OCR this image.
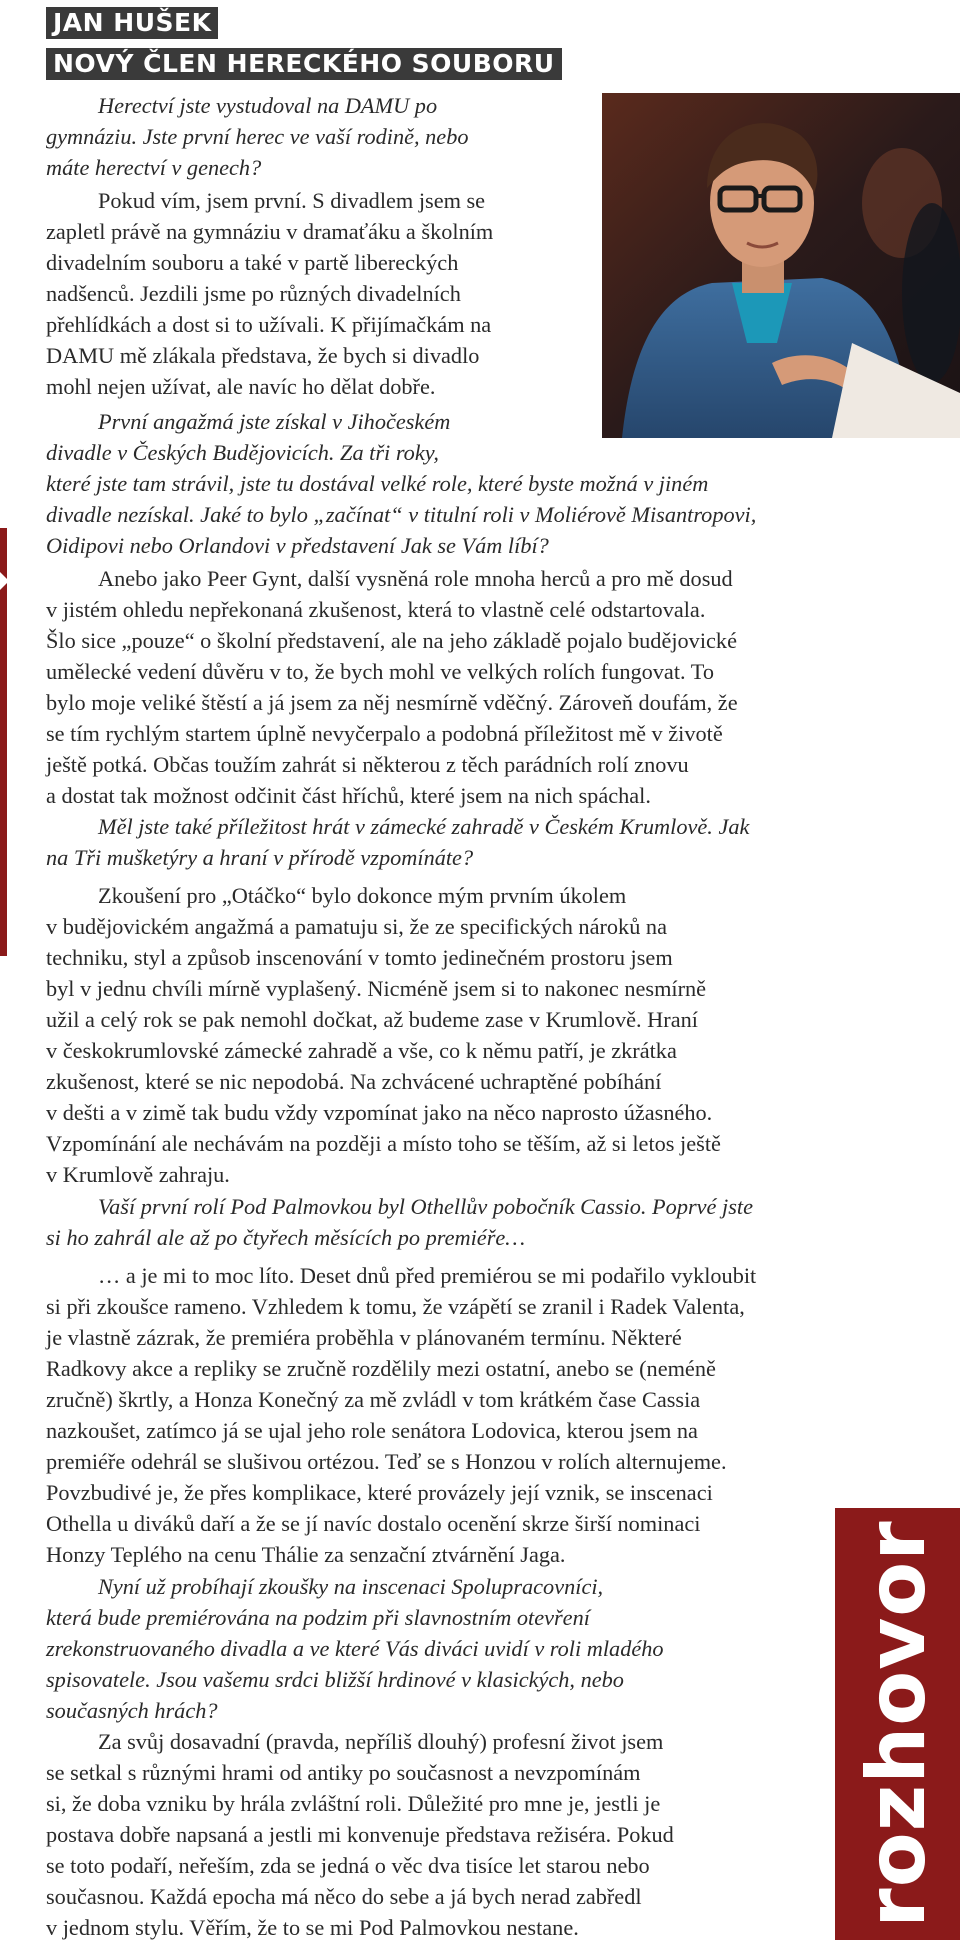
JAN HUŠEK
NOVÝ ČLEN HERECKÉHO SOUBORU
rozhovor
Herectví jste vystudoval na DAMU po
gymnáziu. Jste první herec ve vaší rodině, nebo
máte herectví v genech?
Pokud vím, jsem první. S divadlem jsem se
zapletl právě na gymnáziu v dramaťáku a školním
divadelním souboru a také v partě libereckých
nadšenců. Jezdili jsme po různých divadelních
přehlídkách a dost si to užívali. K přijímačkám na
DAMU mě zlákala představa, že bych si divadlo
mohl nejen užívat, ale navíc ho dělat dobře.
První angažmá jste získal v Jihočeském
divadle v Českých Budějovicích. Za tři roky,
které jste tam strávil, jste tu dostával velké role, které byste možná v jiném
divadle nezískal. Jaké to bylo „začínat“ v titulní roli v Moliérově Misantropovi,
Oidipovi nebo Orlandovi v představení Jak se Vám líbí?
Anebo jako Peer Gynt, další vysněná role mnoha herců a pro mě dosud
v jistém ohledu nepřekonaná zkušenost, která to vlastně celé odstartovala.
Šlo sice „pouze“ o školní představení, ale na jeho základě pojalo budějovické
umělecké vedení důvěru v to, že bych mohl ve velkých rolích fungovat. To
bylo moje veliké štěstí a já jsem za něj nesmírně vděčný. Zároveň doufám, že
se tím rychlým startem úplně nevyčerpalo a podobná příležitost mě v životě
ještě potká. Občas toužím zahrát si některou z těch parádních rolí znovu
a dostat tak možnost odčinit část hříchů, které jsem na nich spáchal.
Měl jste také příležitost hrát v zámecké zahradě v Českém Krumlově. Jak
na Tři mušketýry a hraní v přírodě vzpomínáte?
Zkoušení pro „Otáčko“ bylo dokonce mým prvním úkolem
v budějovickém angažmá a pamatuju si, že ze specifických nároků na
techniku, styl a způsob inscenování v tomto jedinečném prostoru jsem
byl v jednu chvíli mírně vyplašený. Nicméně jsem si to nakonec nesmírně
užil a celý rok se pak nemohl dočkat, až budeme zase v Krumlově. Hraní
v českokrumlovské zámecké zahradě a vše, co k němu patří, je zkrátka
zkušenost, které se nic nepodobá. Na zchvácené uchraptěné pobíhání
v dešti a v zimě tak budu vždy vzpomínat jako na něco naprosto úžasného.
Vzpomínání ale nechávám na později a místo toho se těším, až si letos ještě
v Krumlově zahraju.
Vaší první rolí Pod Palmovkou byl Othellův pobočník Cassio. Poprvé jste
si ho zahrál ale až po čtyřech měsících po premiéře…
… a je mi to moc líto. Deset dnů před premiérou se mi podařilo vykloubit
si při zkoušce rameno. Vzhledem k tomu, že vzápětí se zranil i Radek Valenta,
je vlastně zázrak, že premiéra proběhla v plánovaném termínu. Některé
Radkovy akce a repliky se zručně rozdělily mezi ostatní, anebo se (neméně
zručně) škrtly, a Honza Konečný za mě zvládl v tom krátkém čase Cassia
nazkoušet, zatímco já se ujal jeho role senátora Lodovica, kterou jsem na
premiéře odehrál se slušivou ortézou. Teď se s Honzou v rolích alternujeme.
Povzbudivé je, že přes komplikace, které provázely její vznik, se inscenaci
Othella u diváků daří a že se jí navíc dostalo ocenění skrze širší nominaci
Honzy Teplého na cenu Thálie za senzační ztvárnění Jaga.
Nyní už probíhají zkoušky na inscenaci Spolupracovníci,
která bude premiérována na podzim při slavnostním otevření
zrekonstruovaného divadla a ve které Vás diváci uvidí v roli mladého
spisovatele. Jsou vašemu srdci bližší hrdinové v klasických, nebo
současných hrách?
Za svůj dosavadní (pravda, nepříliš dlouhý) profesní život jsem
se setkal s různými hrami od antiky po současnost a nevzpomínám
si, že doba vzniku by hrála zvláštní roli. Důležité pro mne je, jestli je
postava dobře napsaná a jestli mi konvenuje představa režiséra. Pokud
se toto podaří, neřeším, zda se jedná o věc dva tisíce let starou nebo
současnou. Každá epocha má něco do sebe a já bych nerad zabředl
v jednom stylu. Věřím, že to se mi Pod Palmovkou nestane.
